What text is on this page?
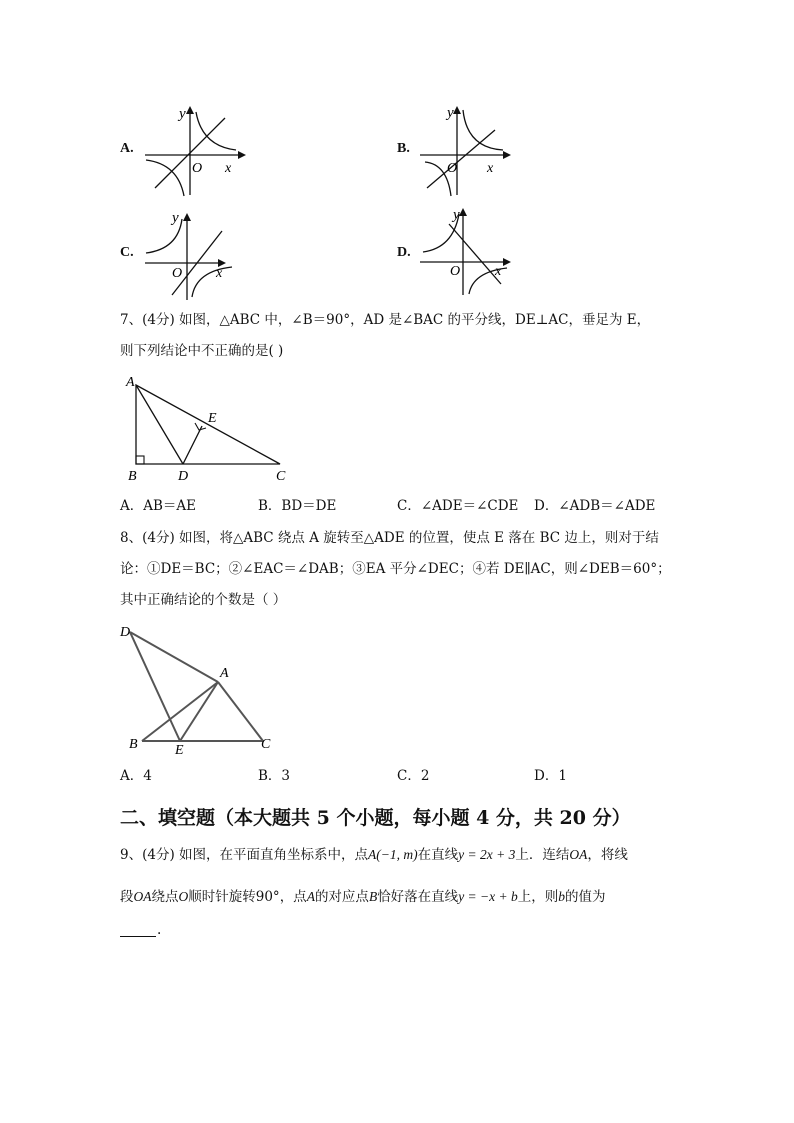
A.
y
O x
B.
y
O x
C.
y
O x
D.
y
O x
7、(4分) 如图，△ABC 中，∠B＝90°，AD 是∠BAC 的平分线，DE⊥AC，垂足为 E，
则下列结论中不正确的是( )
A
B	D
E
C
A．AB＝AE	B．BD＝DE	C．∠ADE＝∠CDE D．∠ADB＝∠ADE
8、(4分) 如图，将△ABC 绕点 A 旋转至△ADE 的位置，使点 E 落在 BC 边上，则对于结
论：①DE＝BC；②∠EAC＝∠DAB；③EA 平分∠DEC；④若 DE∥AC，则∠DEB＝60°；
其中正确结论的个数是（ ）
D
A
B	E	C
A．4	B．3	C．2	D．1
二、填空题（本大题共 5 个小题，每小题 4 分，共 20 分）
9、(4分) 如图，在平面直角坐标系中，点A(−1, m)在直线y = 2x + 3上．连结OA，将线
段OA绕点O顺时针旋转90°，点A的对应点B恰好落在直线y = −x + b上，则b的值为
.
